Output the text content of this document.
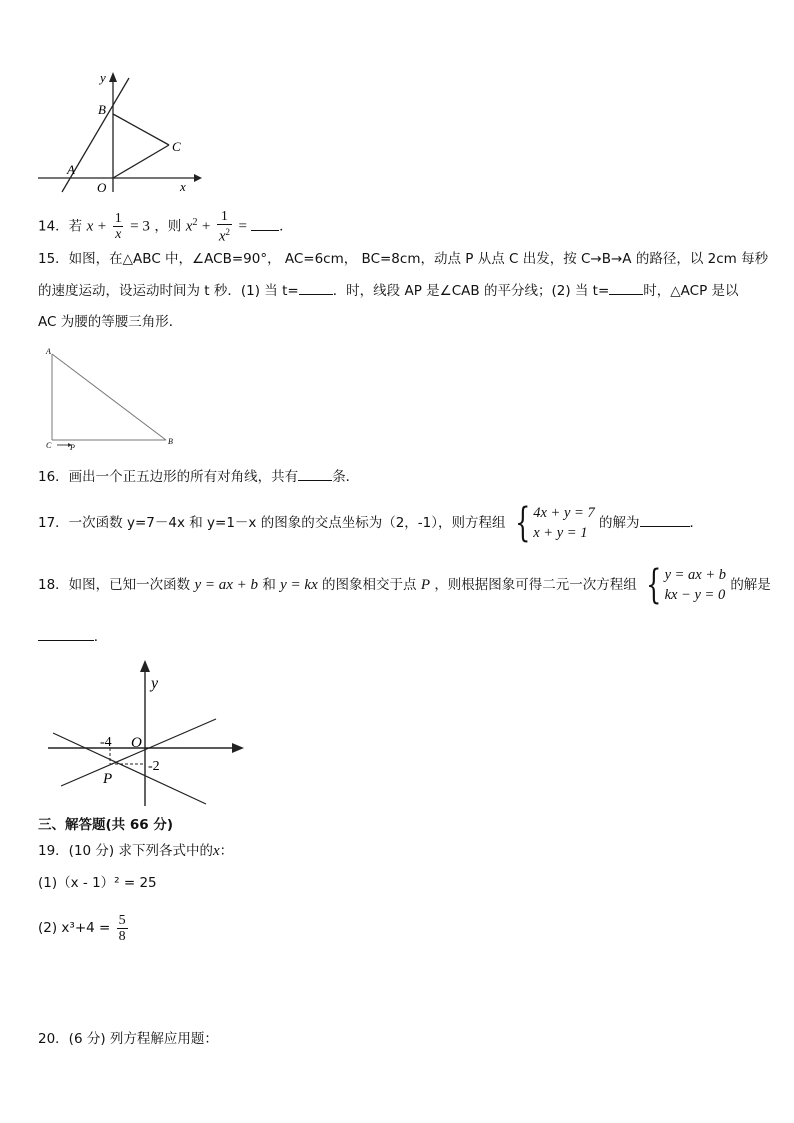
y
x
B
C
A
O
14．若 $x + \frac{1}{x} = 3$ ，则 $x^2 + \frac{1}{x^2}$ = .
15．如图，在△ABC 中，∠ACB=90°， AC=6cm， BC=8cm，动点 P 从点 C 出发，按 C→B→A 的路径，以 2cm 每秒
的速度运动，设运动时间为 t 秒．(1) 当 t=	．时，线段 AP 是∠CAB 的平分线；(2) 当 t=	时，△ACP 是以
AC 为腰的等腰三角形．
A
C P
B
16．画出一个正五边形的所有对角线，共有	条．
17．一次函数 y=7－4x 和 y=1－x 的图象的交点坐标为（2，-1），则方程组 { 4x + y = 7
x + y = 1
的解为	．
18．如图，已知一次函数 y = ax + b 和 y = kx 的图象相交于点 P ，则根据图象可得二元一次方程组 { y = ax + b
kx − y = 0
的解是
.
y
O
-4
-2
P
三、解答题(共 66 分)
19．(10 分) 求下列各式中的x：
(1)（x - 1）² = 25
(2) $x^3+4 = \frac{5}{8}$
20．(6 分) 列方程解应用题：
